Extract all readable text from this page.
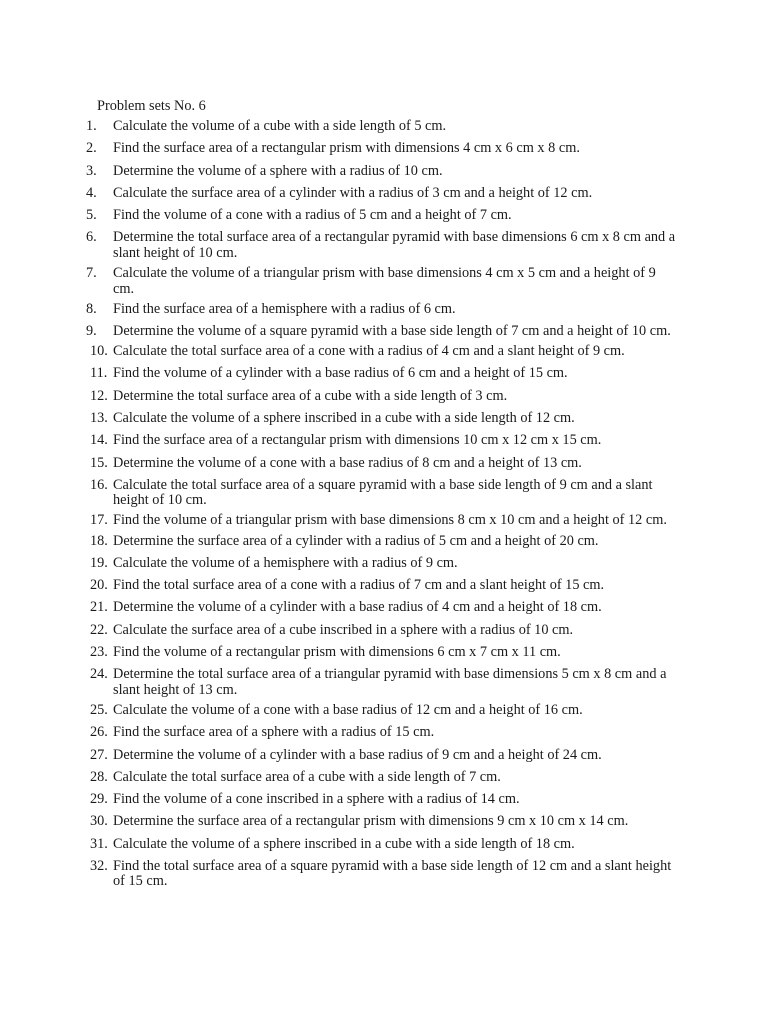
Problem sets No. 6
1. Calculate the volume of a cube with a side length of 5 cm.
2. Find the surface area of a rectangular prism with dimensions 4 cm x 6 cm x 8 cm.
3. Determine the volume of a sphere with a radius of 10 cm.
4. Calculate the surface area of a cylinder with a radius of 3 cm and a height of 12 cm.
5. Find the volume of a cone with a radius of 5 cm and a height of 7 cm.
6. Determine the total surface area of a rectangular pyramid with base dimensions 6 cm x 8 cm and a slant height of 10 cm.
7. Calculate the volume of a triangular prism with base dimensions 4 cm x 5 cm and a height of 9 cm.
8. Find the surface area of a hemisphere with a radius of 6 cm.
9. Determine the volume of a square pyramid with a base side length of 7 cm and a height of 10 cm.
10. Calculate the total surface area of a cone with a radius of 4 cm and a slant height of 9 cm.
11. Find the volume of a cylinder with a base radius of 6 cm and a height of 15 cm.
12. Determine the total surface area of a cube with a side length of 3 cm.
13. Calculate the volume of a sphere inscribed in a cube with a side length of 12 cm.
14. Find the surface area of a rectangular prism with dimensions 10 cm x 12 cm x 15 cm.
15. Determine the volume of a cone with a base radius of 8 cm and a height of 13 cm.
16. Calculate the total surface area of a square pyramid with a base side length of 9 cm and a slant height of 10 cm.
17. Find the volume of a triangular prism with base dimensions 8 cm x 10 cm and a height of 12 cm.
18. Determine the surface area of a cylinder with a radius of 5 cm and a height of 20 cm.
19. Calculate the volume of a hemisphere with a radius of 9 cm.
20. Find the total surface area of a cone with a radius of 7 cm and a slant height of 15 cm.
21. Determine the volume of a cylinder with a base radius of 4 cm and a height of 18 cm.
22. Calculate the surface area of a cube inscribed in a sphere with a radius of 10 cm.
23. Find the volume of a rectangular prism with dimensions 6 cm x 7 cm x 11 cm.
24. Determine the total surface area of a triangular pyramid with base dimensions 5 cm x 8 cm and a slant height of 13 cm.
25. Calculate the volume of a cone with a base radius of 12 cm and a height of 16 cm.
26. Find the surface area of a sphere with a radius of 15 cm.
27. Determine the volume of a cylinder with a base radius of 9 cm and a height of 24 cm.
28. Calculate the total surface area of a cube with a side length of 7 cm.
29. Find the volume of a cone inscribed in a sphere with a radius of 14 cm.
30. Determine the surface area of a rectangular prism with dimensions 9 cm x 10 cm x 14 cm.
31. Calculate the volume of a sphere inscribed in a cube with a side length of 18 cm.
32. Find the total surface area of a square pyramid with a base side length of 12 cm and a slant height of 15 cm.
